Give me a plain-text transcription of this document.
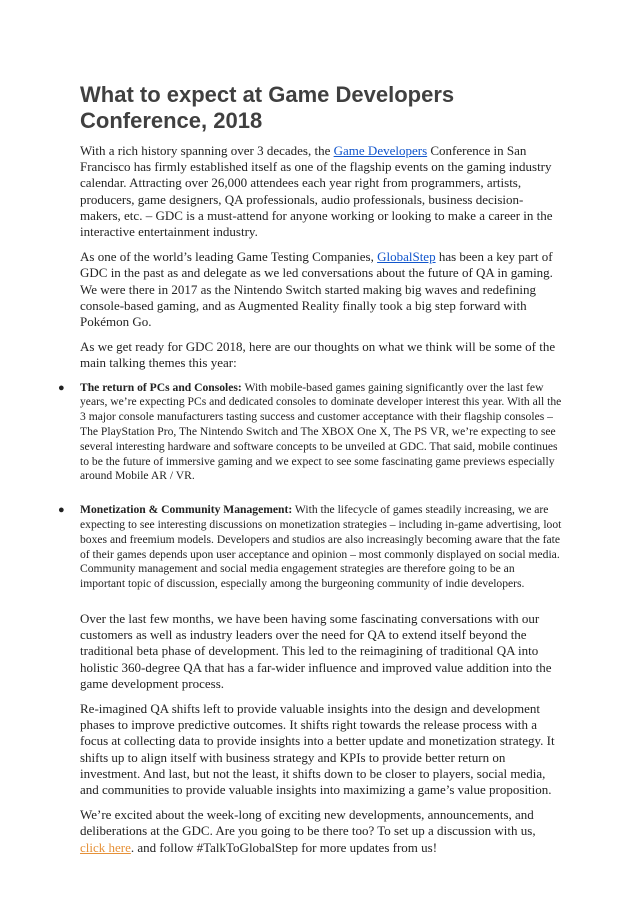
What to expect at Game Developers Conference, 2018

With a rich history spanning over 3 decades, the Game Developers Conference in San Francisco has firmly established itself as one of the flagship events on the gaming industry calendar. Attracting over 26,000 attendees each year right from programmers, artists, producers, game designers, QA professionals, audio professionals, business decision-makers, etc. – GDC is a must-attend for anyone working or looking to make a career in the interactive entertainment industry.

As one of the world’s leading Game Testing Companies, GlobalStep has been a key part of GDC in the past as and delegate as we led conversations about the future of QA in gaming. We were there in 2017 as the Nintendo Switch started making big waves and redefining console-based gaming, and as Augmented Reality finally took a big step forward with Pokémon Go.

As we get ready for GDC 2018, here are our thoughts on what we think will be some of the main talking themes this year:

● The return of PCs and Consoles: With mobile-based games gaining significantly over the last few years, we’re expecting PCs and dedicated consoles to dominate developer interest this year. With all the 3 major console manufacturers tasting success and customer acceptance with their flagship consoles – The PlayStation Pro, The Nintendo Switch and The XBOX One X, The PS VR, we’re expecting to see several interesting hardware and software concepts to be unveiled at GDC. That said, mobile continues to be the future of immersive gaming and we expect to see some fascinating game previews especially around Mobile AR / VR.
● Monetization & Community Management: With the lifecycle of games steadily increasing, we are expecting to see interesting discussions on monetization strategies – including in-game advertising, loot boxes and freemium models. Developers and studios are also increasingly becoming aware that the fate of their games depends upon user acceptance and opinion – most commonly displayed on social media. Community management and social media engagement strategies are therefore going to be an important topic of discussion, especially among the burgeoning community of indie developers.

Over the last few months, we have been having some fascinating conversations with our customers as well as industry leaders over the need for QA to extend itself beyond the traditional beta phase of development. This led to the reimagining of traditional QA into holistic 360-degree QA that has a far-wider influence and improved value addition into the game development process.

Re-imagined QA shifts left to provide valuable insights into the design and development phases to improve predictive outcomes. It shifts right towards the release process with a focus at collecting data to provide insights into a better update and monetization strategy. It shifts up to align itself with business strategy and KPIs to provide better return on investment. And last, but not the least, it shifts down to be closer to players, social media, and communities to provide valuable insights into maximizing a game’s value proposition.

We’re excited about the week-long of exciting new developments, announcements, and deliberations at the GDC. Are you going to be there too? To set up a discussion with us, click here. and follow #TalkToGlobalStep for more updates from us!
